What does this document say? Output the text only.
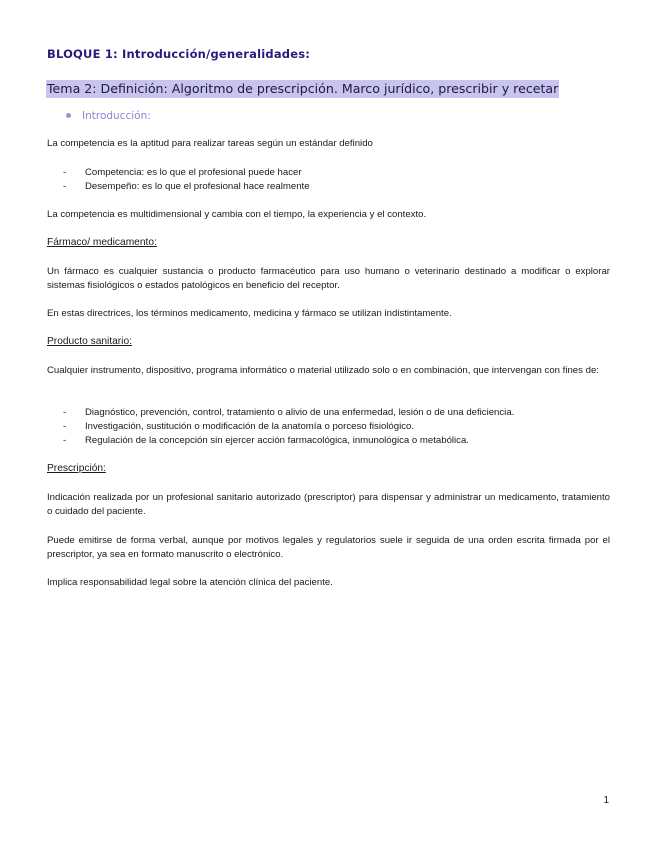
BLOQUE 1: Introducción/generalidades:
Tema 2: Definición: Algoritmo de prescripción. Marco jurídico, prescribir y recetar
Introducción:
La competencia es la aptitud para realizar tareas según un estándar definido
- Competencia: es lo que el profesional puede hacer
- Desempeño: es lo que el profesional hace realmente
La competencia es multidimensional y cambia con el tiempo, la experiencia y el contexto.
Fármaco/ medicamento:
Un fármaco es cualquier sustancia o producto farmacéutico para uso humano o veterinario destinado a modificar o explorar sistemas fisiológicos o estados patológicos en beneficio del receptor.
En estas directrices, los términos medicamento, medicina y fármaco se utilizan indistintamente.
Producto sanitario:
Cualquier instrumento, dispositivo, programa informático o material utilizado solo o en combinación, que intervengan con fines de:
- Diagnóstico, prevención, control, tratamiento o alivio de una enfermedad, lesión o de una deficiencia.
- Investigación, sustitución o modificación de la anatomía o porceso fisiológico.
- Regulación de la concepción sin ejercer acción farmacológica, inmunológica o metabólica.
Prescripción:
Indicación realizada por un profesional sanitario autorizado (prescriptor) para dispensar y administrar un medicamento, tratamiento o cuidado del paciente.
Puede emitirse de forma verbal, aunque por motivos legales y regulatorios suele ir seguida de una orden escrita firmada por el prescriptor, ya sea en formato manuscrito o electrónico.
Implica responsabilidad legal sobre la atención clínica del paciente.
1
